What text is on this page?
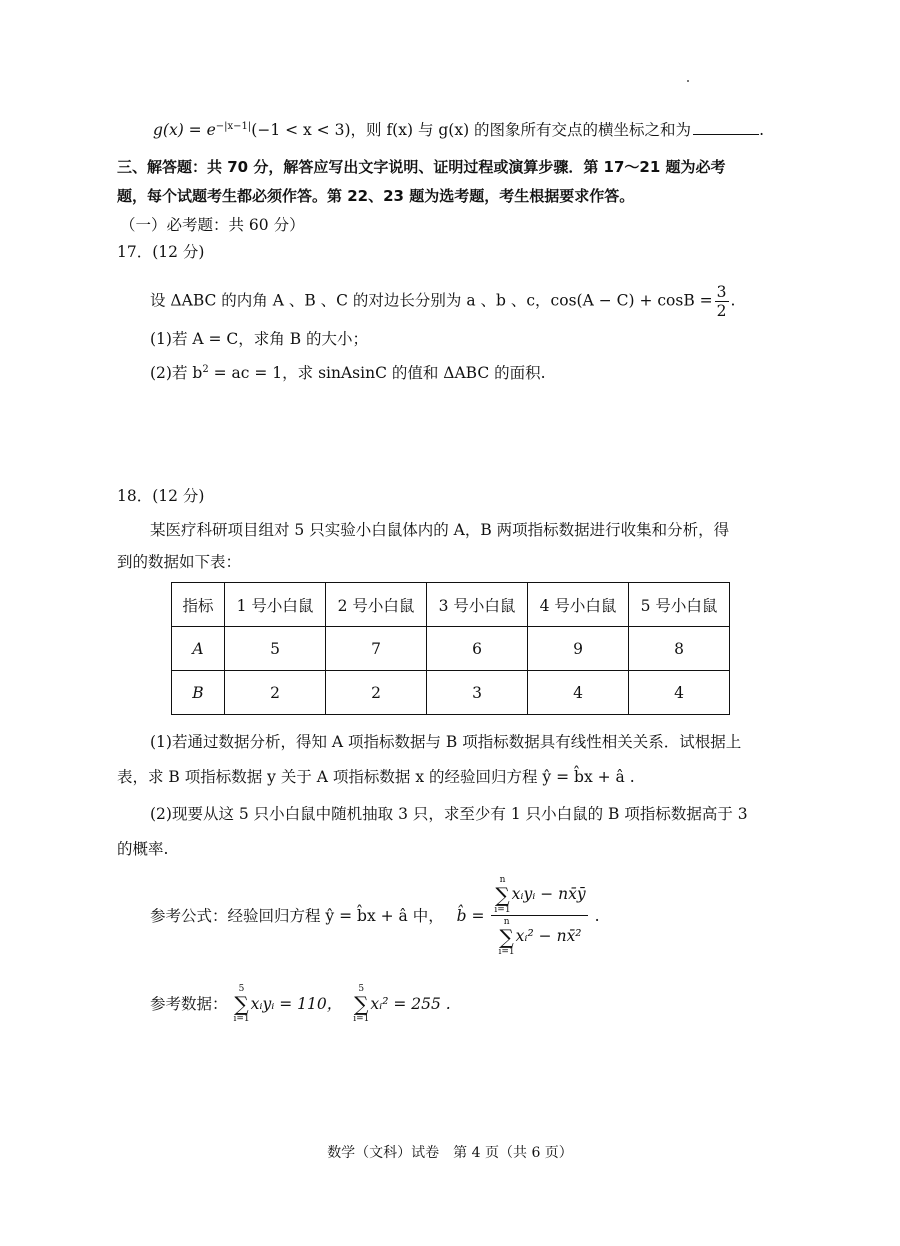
$g(x) = e^{-|x-1|}(-1 < x < 3)$，则 f(x) 与 g(x) 的图象所有交点的横坐标之和为	.
三、解答题：共 70 分，解答应写出文字说明、证明过程或演算步骤．第 17～21 题为必考
题，每个试题考生都必须作答。第 22、23 题为选考题，考生根据要求作答。
（一）必考题：共 60 分）
17．(12 分)
设 ΔABC 的内角 A 、B 、C 的对边长分别为 a 、b 、c，$\cos(A - C) + \cos B = \frac{3}{2}$ .
(1)若 A = C，求角 B 的大小；
(2)若 $b^2$ = ac = 1，求 sinAsinC 的值和 ΔABC 的面积.
18．(12 分)
某医疗科研项目组对 5 只实验小白鼠体内的 A，B 两项指标数据进行收集和分析，得
到的数据如下表：
指标	1 号小白鼠	2 号小白鼠	3 号小白鼠	4 号小白鼠	5 号小白鼠
A	5	7	6	9	8
B	2	2	3	4	4
(1)若通过数据分析，得知 A 项指标数据与 B 项指标数据具有线性相关关系．试根据上
表，求 B 项指标数据 y 关于 A 项指标数据 x 的经验回归方程 ŷ = b̂x + â .
(2)现要从这 5 只小白鼠中随机抽取 3 只，求至少有 1 只小白鼠的 B 项指标数据高于 3
的概率.
参考公式：经验回归方程 ŷ = b̂x + â 中， b̂ = n
∑
i=1xᵢyᵢ − nx̄ȳ
n
∑
i=1xᵢ² − nx̄² .
参考数据： 5
∑
i=1xᵢyᵢ = 110， 5
∑
i=1xᵢ² = 255 .
数学（文科）试卷　第 4 页（共 6 页）
